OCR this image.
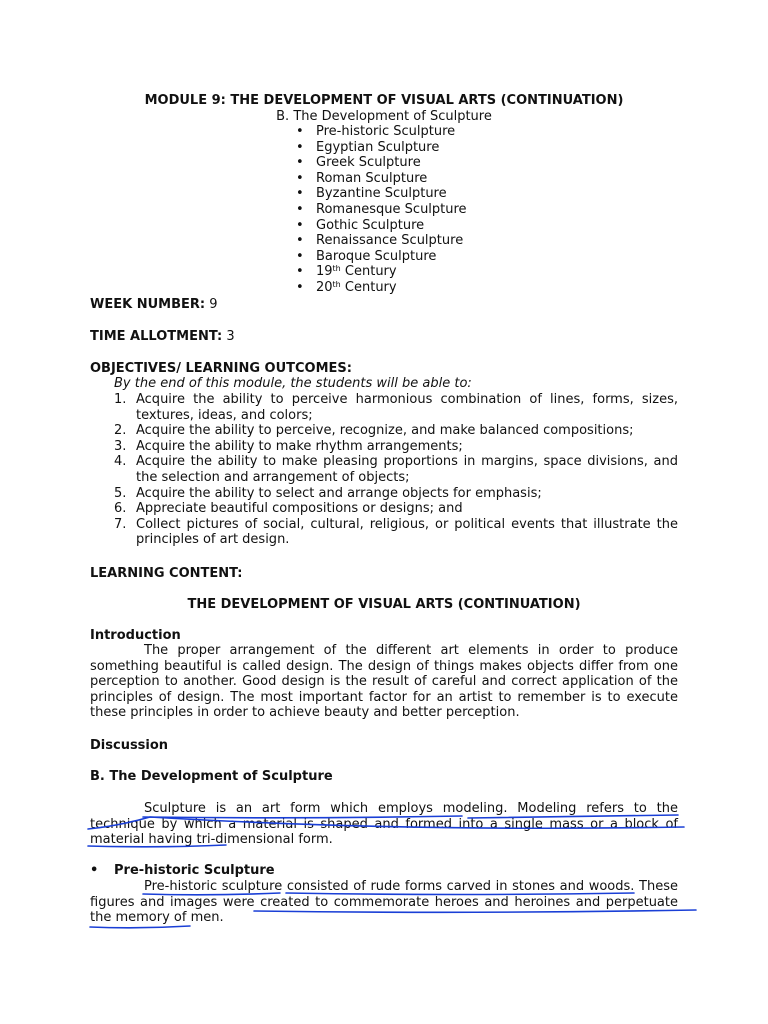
MODULE 9: THE DEVELOPMENT OF VISUAL ARTS (CONTINUATION)
B. The Development of Sculpture
• Pre-historic Sculpture
• Egyptian Sculpture
• Greek Sculpture
• Roman Sculpture
• Byzantine Sculpture
• Romanesque Sculpture
• Gothic Sculpture
• Renaissance Sculpture
• Baroque Sculpture
• 19th Century
• 20th Century
WEEK NUMBER: 9
TIME ALLOTMENT: 3
OBJECTIVES/ LEARNING OUTCOMES:
By the end of this module, the students will be able to:
1. Acquire the ability to perceive harmonious combination of lines, forms, sizes, textures, ideas, and colors;
2. Acquire the ability to perceive, recognize, and make balanced compositions;
3. Acquire the ability to make rhythm arrangements;
4. Acquire the ability to make pleasing proportions in margins, space divisions, and the selection and arrangement of objects;
5. Acquire the ability to select and arrange objects for emphasis;
6. Appreciate beautiful compositions or designs; and
7. Collect pictures of social, cultural, religious, or political events that illustrate the principles of art design.
LEARNING CONTENT:
THE DEVELOPMENT OF VISUAL ARTS (CONTINUATION)
Introduction
The proper arrangement of the different art elements in order to produce something beautiful is called design. The design of things makes objects differ from one perception to another. Good design is the result of careful and correct application of the principles of design. The most important factor for an artist to remember is to execute these principles in order to achieve beauty and better perception.
Discussion
B. The Development of Sculpture
Sculpture is an art form which employs modeling. Modeling refers to the technique by which a material is shaped and formed into a single mass or a block of material having tri-dimensional form.
• Pre-historic Sculpture
Pre-historic sculpture consisted of rude forms carved in stones and woods. These figures and images were created to commemorate heroes and heroines and perpetuate the memory of men.
